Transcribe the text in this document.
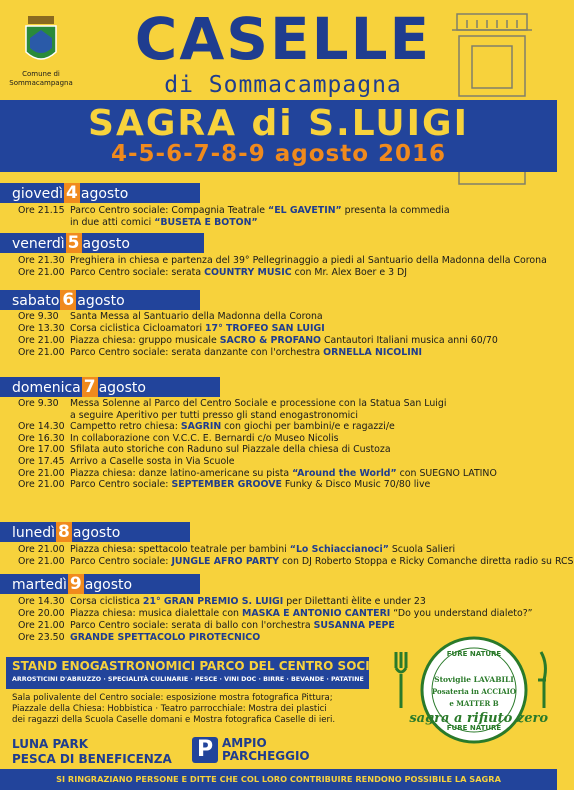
Comune di
Sommacampagna
CASELLE
di Sommacampagna
SAGRA di S.LUIGI
4-5-6-7-8-9 agosto 2016
giovedì 4 agosto
Ore 21.15 Parco Centro sociale: Compagnia Teatrale “EL GAVETIN” presenta la commedia
in due atti comici “BUSETA E BOTON”
venerdì 5 agosto
Ore 21.30 Preghiera in chiesa e partenza del 39° Pellegrinaggio a piedi al Santuario della Madonna della Corona
Ore 21.00 Parco Centro sociale: serata COUNTRY MUSIC con Mr. Alex Boer e 3 DJ
sabato 6 agosto
Ore 9.30 Santa Messa al Santuario della Madonna della Corona
Ore 13.30 Corsa ciclistica Cicloamatori 17° TROFEO SAN LUIGI
Ore 21.00 Piazza chiesa: gruppo musicale SACRO & PROFANO Cantautori Italiani musica anni 60/70
Ore 21.00 Parco Centro sociale: serata danzante con l'orchestra ORNELLA NICOLINI
domenica 7 agosto
Ore 9.30 Messa Solenne al Parco del Centro Sociale e processione con la Statua San Luigi
a seguire Aperitivo per tutti presso gli stand enogastronomici
Ore 14.30 Campetto retro chiesa: SAGRIN con giochi per bambini/e e ragazzi/e
Ore 16.30 In collaborazione con V.C.C. E. Bernardi c/o Museo Nicolis
Ore 17.00 Sfilata auto storiche con Raduno sul Piazzale della chiesa di Custoza
Ore 17.45 Arrivo a Caselle sosta in Via Scuole
Ore 21.00 Piazza chiesa: danze latino-americane su pista “Around the World” con SUEGNO LATINO
Ore 21.00 Parco Centro sociale: SEPTEMBER GROOVE Funky & Disco Music 70/80 live
lunedì 8 agosto
Ore 21.00 Piazza chiesa: spettacolo teatrale per bambini “Lo Schiaccianoci” Scuola Salieri
Ore 21.00 Parco Centro sociale: JUNGLE AFRO PARTY con DJ Roberto Stoppa e Ricky Comanche diretta radio su RCS
martedì 9 agosto
Ore 14.30 Corsa ciclistica 21° GRAN PREMIO S. LUIGI per Dilettanti èlite e under 23
Ore 20.00 Piazza chiesa: musica dialettale con MASKA E ANTONIO CANTERI “Do you understand dialeto?”
Ore 21.00 Parco Centro sociale: serata di ballo con l'orchestra SUSANNA PEPE
Ore 23.50 GRANDE SPETTACOLO PIROTECNICO
STAND ENOGASTRONOMICI PARCO DEL CENTRO SOCIALE
ARROSTICINI D'ABRUZZO · SPECIALITÀ CULINARIE · PESCE · VINI DOC · BIRRE · BEVANDE · PATATINE
Sala polivalente del Centro sociale: esposizione mostra fotografica Pittura;
Piazzale della Chiesa: Hobbistica · Teatro parrocchiale: Mostra dei plastici
dei ragazzi della Scuola Caselle domani e Mostra fotografica Caselle di ieri.
LUNA PARK
PESCA DI BENEFICENZA P AMPIO
PARCHEGGIO
FURE NATURE
Stoviglie LAVABILI
Posateria in ACCIAIO
e MATTER B
FURE NATURE
sagra a rifiuto zero
SI RINGRAZIANO PERSONE E DITTE CHE COL LORO CONTRIBUIRE RENDONO POSSIBILE LA SAGRA
